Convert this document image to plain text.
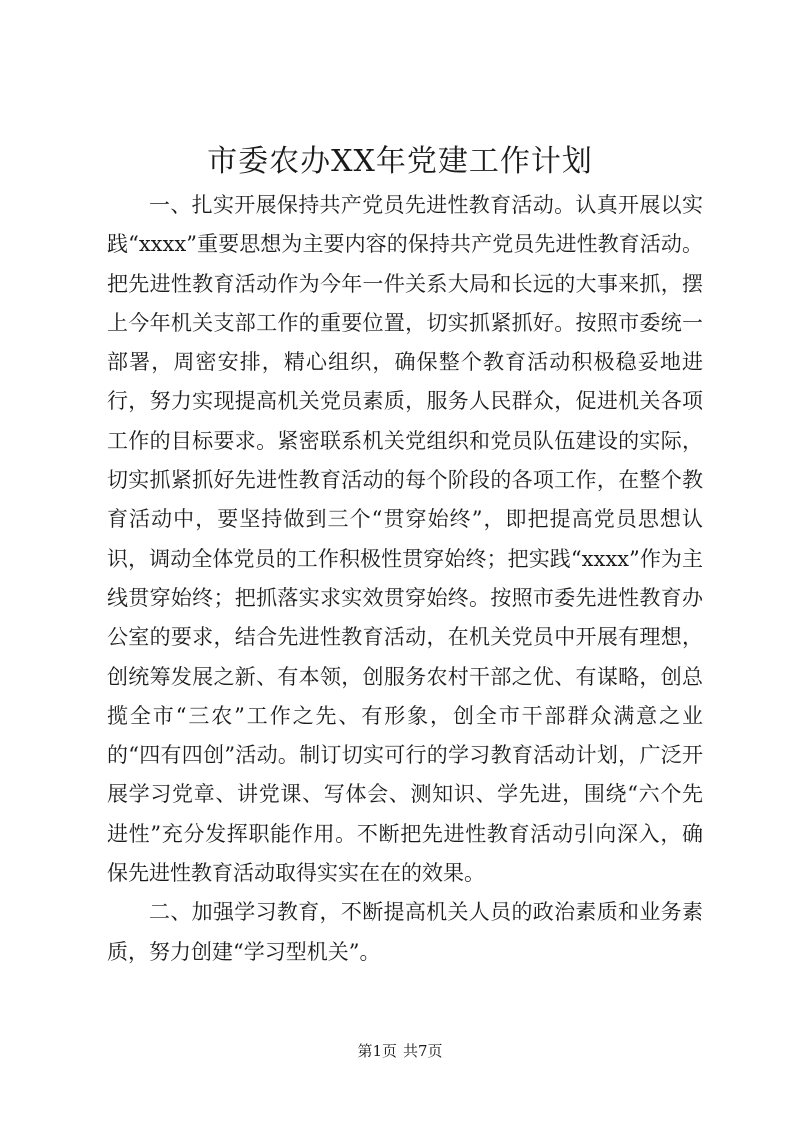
市委农办XX年党建工作计划

一、扎实开展保持共产党员先进性教育活动。认真开展以实践“xxxx”重要思想为主要内容的保持共产党员先进性教育活动。把先进性教育活动作为今年一件关系大局和长远的大事来抓，摆上今年机关支部工作的重要位置，切实抓紧抓好。按照市委统一部署，周密安排，精心组织，确保整个教育活动积极稳妥地进行，努力实现提高机关党员素质，服务人民群众，促进机关各项工作的目标要求。紧密联系机关党组织和党员队伍建设的实际，切实抓紧抓好先进性教育活动的每个阶段的各项工作，在整个教育活动中，要坚持做到三个“贯穿始终”，即把提高党员思想认识，调动全体党员的工作积极性贯穿始终；把实践“xxxx”作为主线贯穿始终；把抓落实求实效贯穿始终。按照市委先进性教育办公室的要求，结合先进性教育活动，在机关党员中开展有理想，创统筹发展之新、有本领，创服务农村干部之优、有谋略，创总揽全市“三农”工作之先、有形象，创全市干部群众满意之业的“四有四创”活动。制订切实可行的学习教育活动计划，广泛开展学习党章、讲党课、写体会、测知识、学先进，围绕“六个先进性”充分发挥职能作用。不断把先进性教育活动引向深入，确保先进性教育活动取得实实在在的效果。

二、加强学习教育，不断提高机关人员的政治素质和业务素质，努力创建“学习型机关”。

第1页 共7页
